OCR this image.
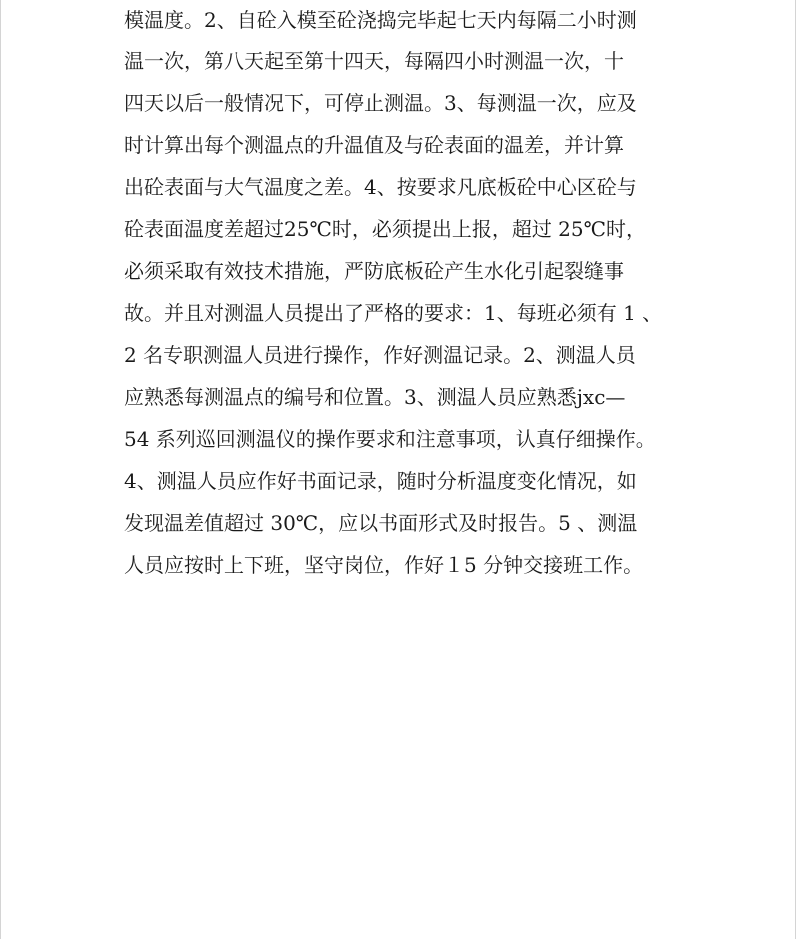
模温度。2、自砼入模至砼浇捣完毕起七天内每隔二小时测
温一次，第八天起至第十四天，每隔四小时测温一次，十
四天以后一般情况下，可停止测温。3、每测温一次，应及
时计算出每个测温点的升温值及与砼表面的温差，并计算
出砼表面与大气温度之差。4、按要求凡底板砼中心区砼与
砼表面温度差超过25℃时，必须提出上报，超过 25℃时，
必须采取有效技术措施，严防底板砼产生水化引起裂缝事
故。并且对测温人员提出了严格的要求：1、每班必须有 1 、
2 名专职测温人员进行操作，作好测温记录。2、测温人员
应熟悉每测温点的编号和位置。3、测温人员应熟悉jxc—
54 系列巡回测温仪的操作要求和注意事项，认真仔细操作。
4、测温人员应作好书面记录，随时分析温度变化情况，如
发现温差值超过 30℃，应以书面形式及时报告。5 、测温
人员应按时上下班，坚守岗位，作好１5 分钟交接班工作。
